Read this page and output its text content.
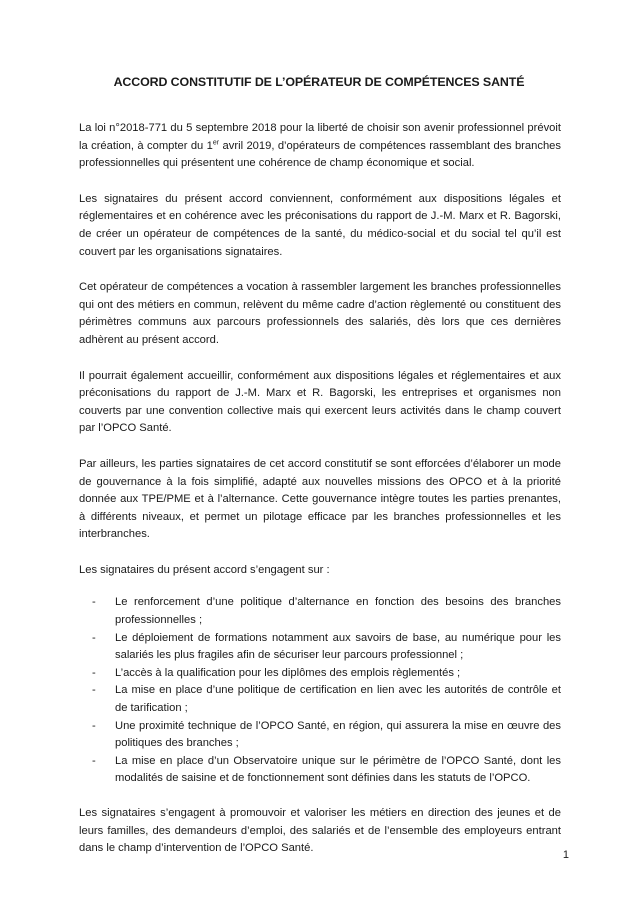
ACCORD CONSTITUTIF DE L’OPÉRATEUR DE COMPÉTENCES SANTÉ

La loi n°2018-771 du 5 septembre 2018 pour la liberté de choisir son avenir professionnel prévoit la création, à compter du 1er avril 2019, d’opérateurs de compétences rassemblant des branches professionnelles qui présentent une cohérence de champ économique et social.

Les signataires du présent accord conviennent, conformément aux dispositions légales et réglementaires et en cohérence avec les préconisations du rapport de J.-M. Marx et R. Bagorski, de créer un opérateur de compétences de la santé, du médico-social et du social tel qu’il est couvert par les organisations signataires.

Cet opérateur de compétences a vocation à rassembler largement les branches professionnelles qui ont des métiers en commun, relèvent du même cadre d’action règlementé ou constituent des périmètres communs aux parcours professionnels des salariés, dès lors que ces dernières adhèrent au présent accord.

Il pourrait également accueillir, conformément aux dispositions légales et réglementaires et aux préconisations du rapport de J.-M. Marx et R. Bagorski, les entreprises et organismes non couverts par une convention collective mais qui exercent leurs activités dans le champ couvert par l’OPCO Santé.

Par ailleurs, les parties signataires de cet accord constitutif se sont efforcées d’élaborer un mode de gouvernance à la fois simplifié, adapté aux nouvelles missions des OPCO et à la priorité donnée aux TPE/PME et à l’alternance. Cette gouvernance intègre toutes les parties prenantes, à différents niveaux, et permet un pilotage efficace par les branches professionnelles et les interbranches.

Les signataires du présent accord s’engagent sur :

- Le renforcement d’une politique d’alternance en fonction des besoins des branches professionnelles ;
- Le déploiement de formations notamment aux savoirs de base, au numérique pour les salariés les plus fragiles afin de sécuriser leur parcours professionnel ;
- L’accès à la qualification pour les diplômes des emplois règlementés ;
- La mise en place d’une politique de certification en lien avec les autorités de contrôle et de tarification ;
- Une proximité technique de l’OPCO Santé, en région, qui assurera la mise en œuvre des politiques des branches ;
- La mise en place d’un Observatoire unique sur le périmètre de l’OPCO Santé, dont les modalités de saisine et de fonctionnement sont définies dans les statuts de l’OPCO.

Les signataires s’engagent à promouvoir et valoriser les métiers en direction des jeunes et de leurs familles, des demandeurs d’emploi, des salariés et de l’ensemble des employeurs entrant dans le champ d’intervention de l’OPCO Santé.

1
